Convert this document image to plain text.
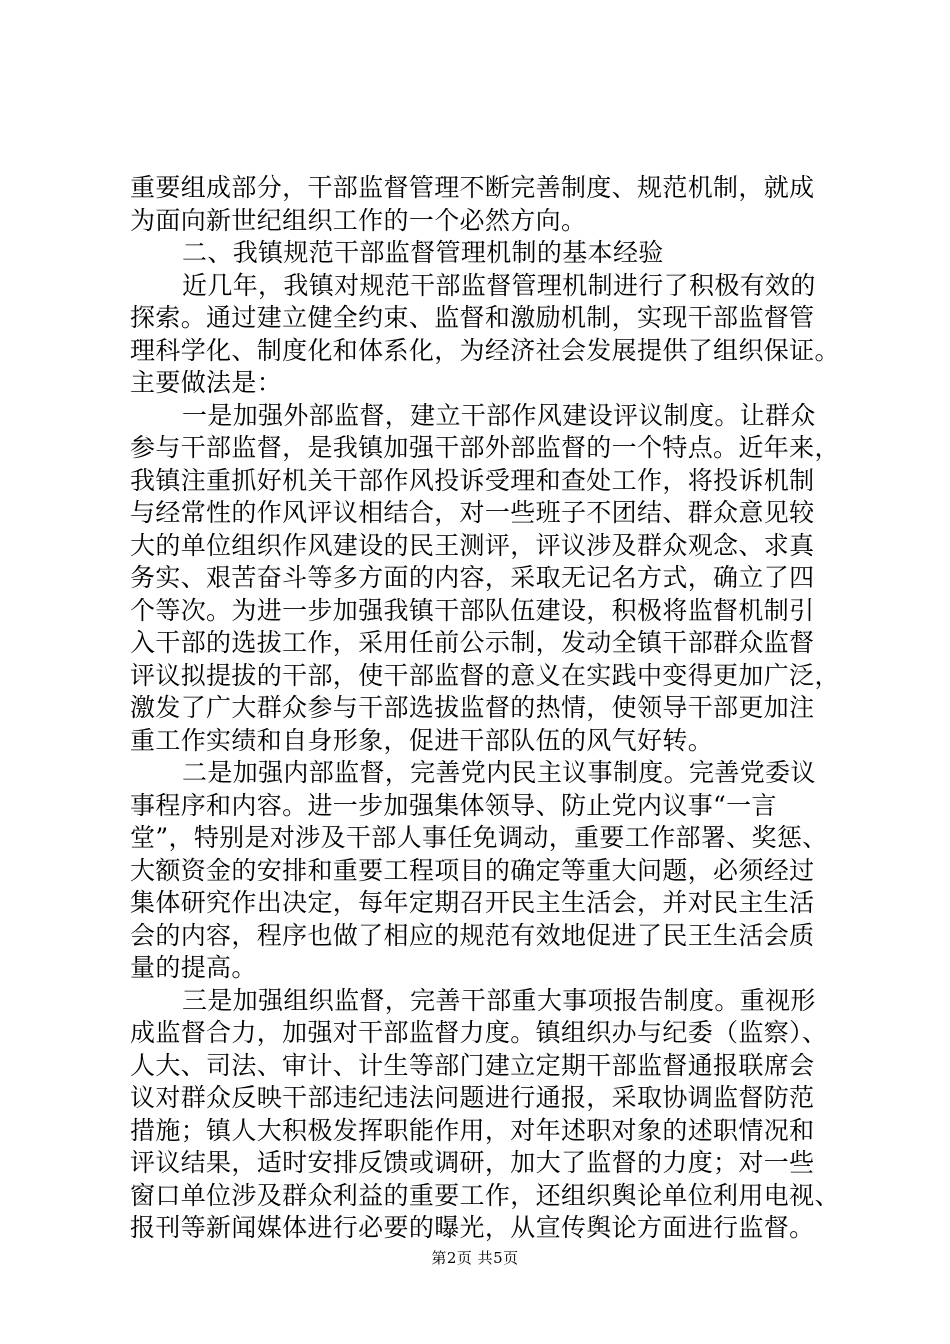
重要组成部分，干部监督管理不断完善制度、规范机制，就成
为面向新世纪组织工作的一个必然方向。
二、我镇规范干部监督管理机制的基本经验
近几年，我镇对规范干部监督管理机制进行了积极有效的
探索。通过建立健全约束、监督和激励机制，实现干部监督管
理科学化、制度化和体系化，为经济社会发展提供了组织保证。
主要做法是：
一是加强外部监督，建立干部作风建设评议制度。让群众
参与干部监督，是我镇加强干部外部监督的一个特点。近年来，
我镇注重抓好机关干部作风投诉受理和查处工作，将投诉机制
与经常性的作风评议相结合，对一些班子不团结、群众意见较
大的单位组织作风建设的民王测评，评议涉及群众观念、求真
务实、艰苦奋斗等多方面的内容，采取无记名方式，确立了四
个等次。为进一步加强我镇干部队伍建设，积极将监督机制引
入干部的选拔工作，采用任前公示制，发动全镇干部群众监督
评议拟提拔的干部，使干部监督的意义在实践中变得更加广泛，
激发了广大群众参与干部选拔监督的热情，使领导干部更加注
重工作实绩和自身形象，促进干部队伍的风气好转。
二是加强内部监督，完善党内民主议事制度。完善党委议
事程序和内容。进一步加强集体领导、防止党内议事“一言
堂”，特别是对涉及干部人事任免调动，重要工作部署、奖惩、
大额资金的安排和重要工程项目的确定等重大问题，必须经过
集体研究作出决定，每年定期召开民主生活会，并对民主生活
会的内容，程序也做了相应的规范有效地促进了民王生活会质
量的提高。
三是加强组织监督，完善干部重大事项报告制度。重视形
成监督合力，加强对干部监督力度。镇组织办与纪委（监察）、
人大、司法、审计、计生等部门建立定期干部监督通报联席会
议对群众反映干部违纪违法问题进行通报，采取协调监督防范
措施；镇人大积极发挥职能作用，对年述职对象的述职情况和
评议结果，适时安排反馈或调研，加大了监督的力度；对一些
窗口单位涉及群众利益的重要工作，还组织舆论单位利用电视、
报刊等新闻媒体进行必要的曝光，从宣传舆论方面进行监督。
第2页 共5页
